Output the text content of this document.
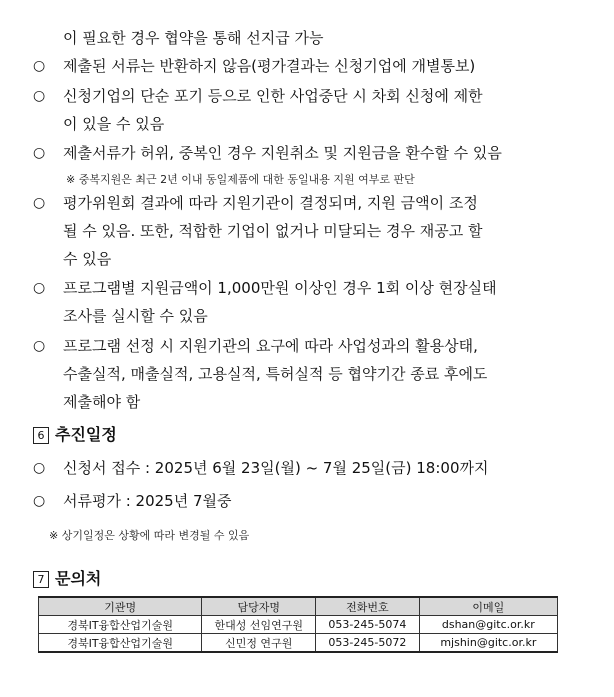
이 필요한 경우 협약을 통해 선지급 가능
○ 제출된 서류는 반환하지 않음(평가결과는 신청기업에 개별통보)
○ 신청기업의 단순 포기 등으로 인한 사업중단 시 차회 신청에 제한
이 있을 수 있음
○ 제출서류가 허위, 중복인 경우 지원취소 및 지원금을 환수할 수 있음
※ 중복지원은 최근 2년 이내 동일제품에 대한 동일내용 지원 여부로 판단
○ 평가위원회 결과에 따라 지원기관이 결정되며, 지원 금액이 조정
될 수 있음. 또한, 적합한 기업이 없거나 미달되는 경우 재공고 할
수 있음
○ 프로그램별 지원금액이 1,000만원 이상인 경우 1회 이상 현장실태
조사를 실시할 수 있음
○ 프로그램 선정 시 지원기관의 요구에 따라 사업성과의 활용상태,
수출실적, 매출실적, 고용실적, 특허실적 등 협약기간 종료 후에도
제출해야 함
6 추진일정
○ 신청서 접수 : 2025년 6월 23일(월) ~ 7월 25일(금) 18:00까지
○ 서류평가 : 2025년 7월중
※ 상기일정은 상황에 따라 변경될 수 있음
7 문의처
기관명	담당자명	전화번호	이메일
경북IT융합산업기술원	한대성 선임연구원	053-245-5074	dshan@gitc.or.kr
경북IT융합산업기술원	신민정 연구원	053-245-5072	mjshin@gitc.or.kr
